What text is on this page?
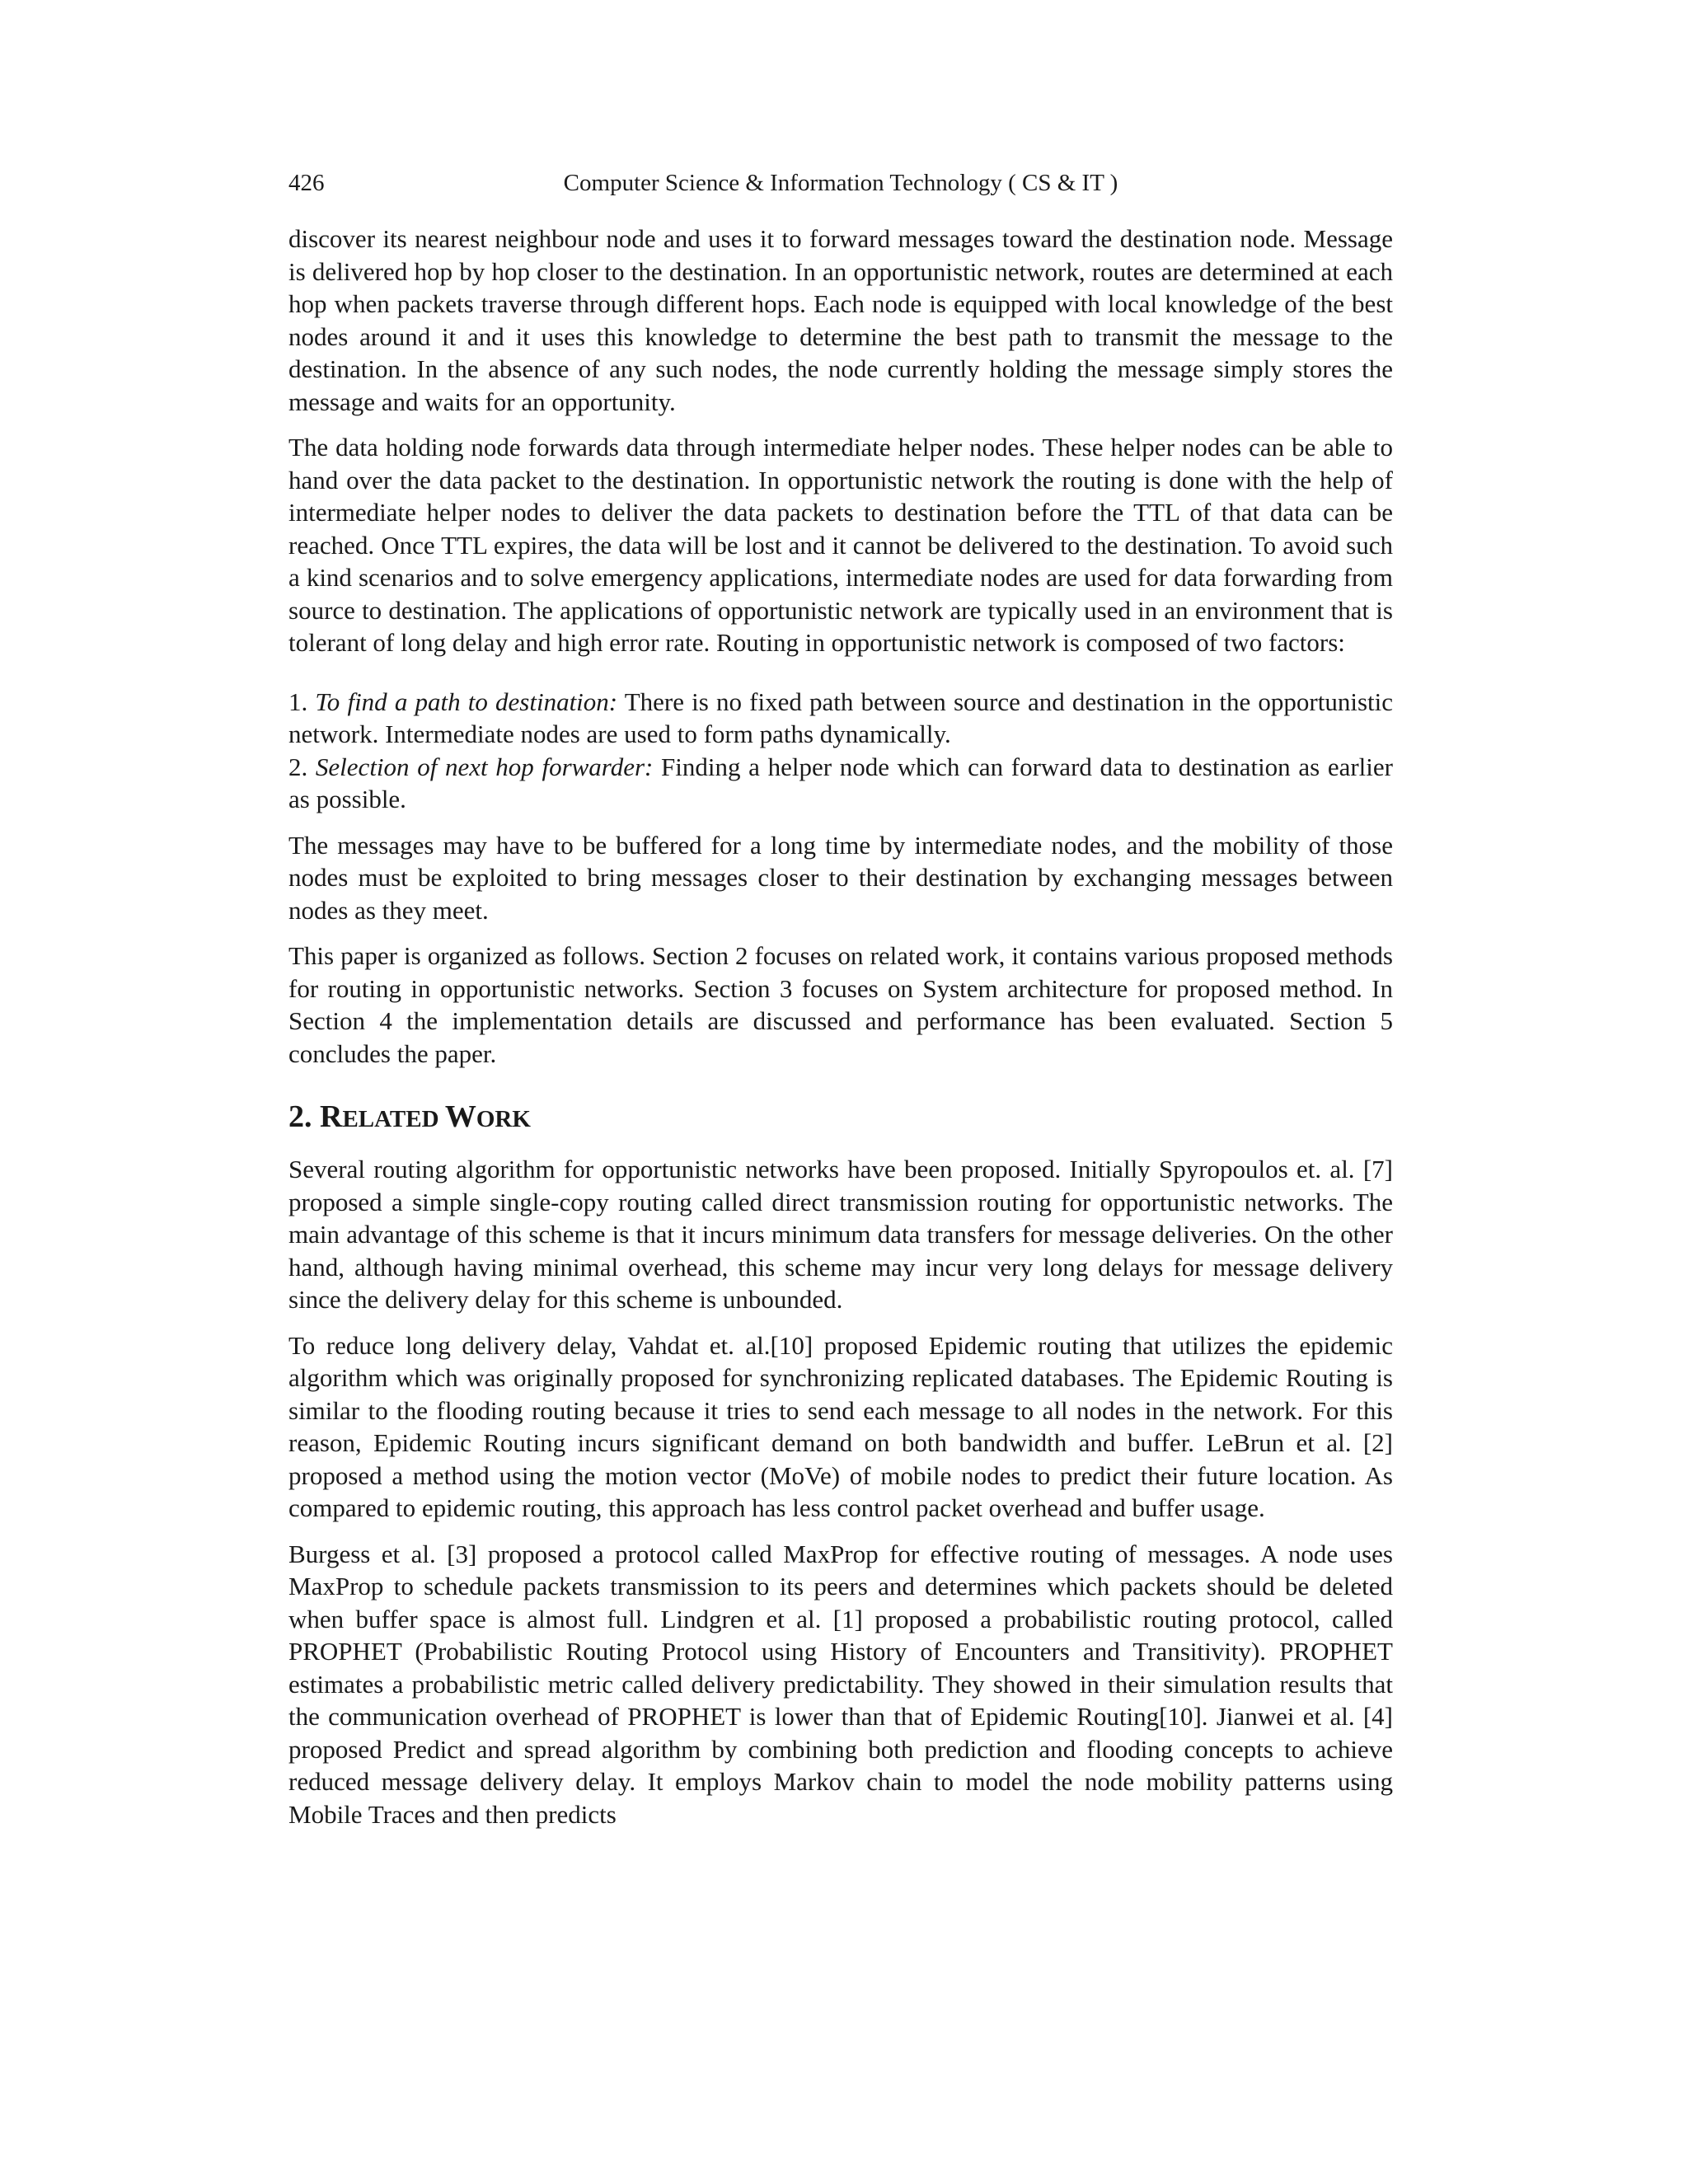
426	Computer Science & Information Technology ( CS & IT )

discover its nearest neighbour node and uses it to forward messages toward the destination node. Message is delivered hop by hop closer to the destination. In an opportunistic network, routes are determined at each hop when packets traverse through different hops. Each node is equipped with local knowledge of the best nodes around it and it uses this knowledge to determine the best path to transmit the message to the destination. In the absence of any such nodes, the node currently holding the message simply stores the message and waits for an opportunity.

The data holding node forwards data through intermediate helper nodes. These helper nodes can be able to hand over the data packet to the destination. In opportunistic network the routing is done with the help of intermediate helper nodes to deliver the data packets to destination before the TTL of that data can be reached. Once TTL expires, the data will be lost and it cannot be delivered to the destination. To avoid such a kind scenarios and to solve emergency applications, intermediate nodes are used for data forwarding from source to destination. The applications of opportunistic network are typically used in an environment that is tolerant of long delay and high error rate. Routing in opportunistic network is composed of two factors:

1. To find a path to destination: There is no fixed path between source and destination in the opportunistic network. Intermediate nodes are used to form paths dynamically.

2. Selection of next hop forwarder: Finding a helper node which can forward data to destination as earlier as possible.

The messages may have to be buffered for a long time by intermediate nodes, and the mobility of those nodes must be exploited to bring messages closer to their destination by exchanging messages between nodes as they meet.

This paper is organized as follows. Section 2 focuses on related work, it contains various proposed methods for routing in opportunistic networks. Section 3 focuses on System architecture for proposed method. In Section 4 the implementation details are discussed and performance has been evaluated. Section 5 concludes the paper.

2. RELATED WORK

Several routing algorithm for opportunistic networks have been proposed. Initially Spyropoulos et. al. [7] proposed a simple single-copy routing called direct transmission routing for opportunistic networks. The main advantage of this scheme is that it incurs minimum data transfers for message deliveries. On the other hand, although having minimal overhead, this scheme may incur very long delays for message delivery since the delivery delay for this scheme is unbounded.

To reduce long delivery delay, Vahdat et. al.[10] proposed Epidemic routing that utilizes the epidemic algorithm which was originally proposed for synchronizing replicated databases. The Epidemic Routing is similar to the flooding routing because it tries to send each message to all nodes in the network. For this reason, Epidemic Routing incurs significant demand on both bandwidth and buffer. LeBrun et al. [2] proposed a method using the motion vector (MoVe) of mobile nodes to predict their future location. As compared to epidemic routing, this approach has less control packet overhead and buffer usage.

Burgess et al. [3] proposed a protocol called MaxProp for effective routing of messages. A node uses MaxProp to schedule packets transmission to its peers and determines which packets should be deleted when buffer space is almost full. Lindgren et al. [1] proposed a probabilistic routing protocol, called PROPHET (Probabilistic Routing Protocol using History of Encounters and Transitivity). PROPHET estimates a probabilistic metric called delivery predictability. They showed in their simulation results that the communication overhead of PROPHET is lower than that of Epidemic Routing[10]. Jianwei et al. [4] proposed Predict and spread algorithm by combining both prediction and flooding concepts to achieve reduced message delivery delay. It employs Markov chain to model the node mobility patterns using Mobile Traces and then predicts
